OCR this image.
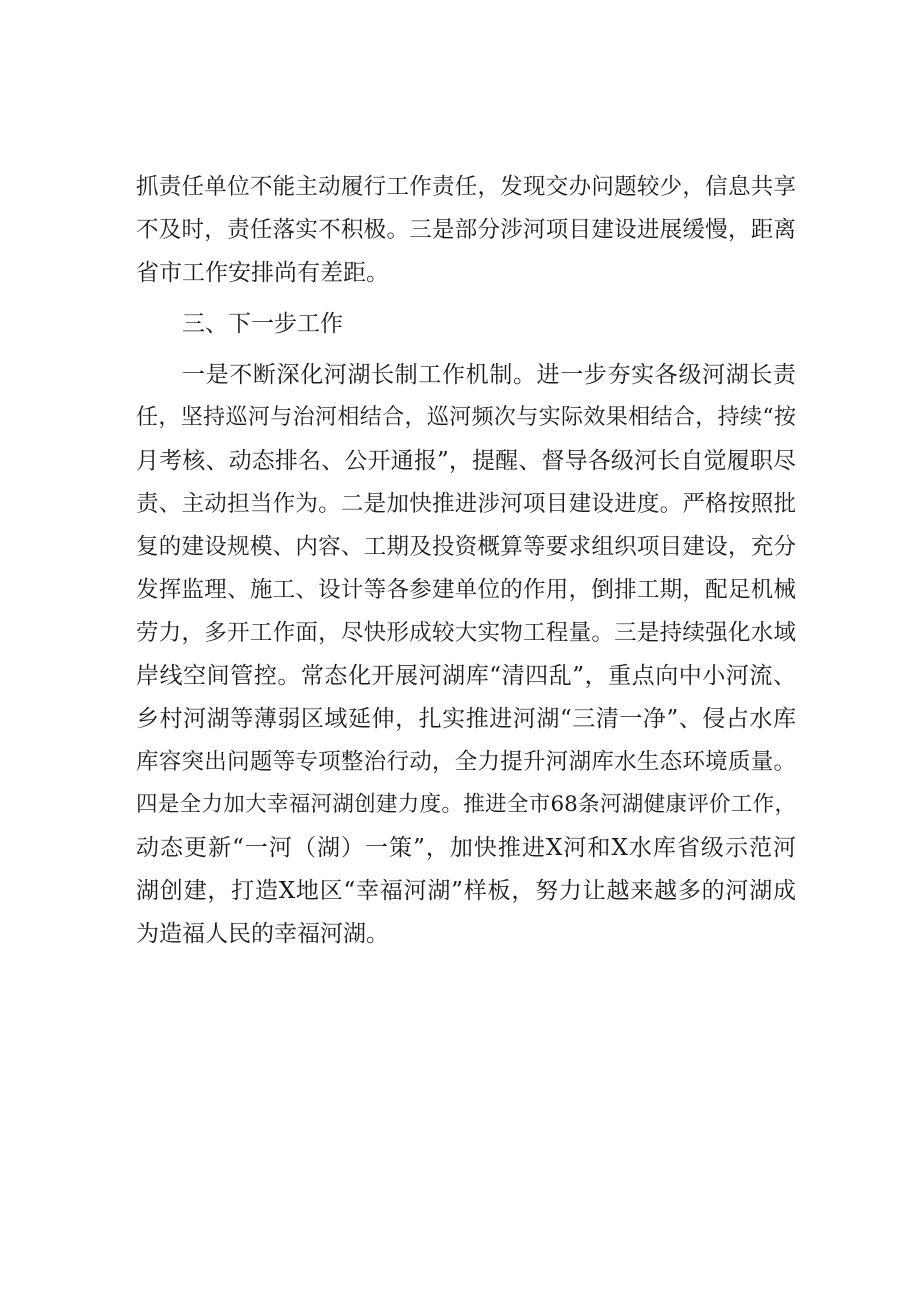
抓责任单位不能主动履行工作责任，发现交办问题较少，信息共享
不及时，责任落实不积极。三是部分涉河项目建设进展缓慢，距离
省市工作安排尚有差距。
三、下一步工作
一是不断深化河湖长制工作机制。进一步夯实各级河湖长责
任，坚持巡河与治河相结合，巡河频次与实际效果相结合，持续“按
月考核、动态排名、公开通报”，提醒、督导各级河长自觉履职尽
责、主动担当作为。二是加快推进涉河项目建设进度。严格按照批
复的建设规模、内容、工期及投资概算等要求组织项目建设，充分
发挥监理、施工、设计等各参建单位的作用，倒排工期，配足机械
劳力，多开工作面，尽快形成较大实物工程量。三是持续强化水域
岸线空间管控。常态化开展河湖库“清四乱”，重点向中小河流、
乡村河湖等薄弱区域延伸，扎实推进河湖“三清一净”、侵占水库
库容突出问题等专项整治行动，全力提升河湖库水生态环境质量。
四是全力加大幸福河湖创建力度。推进全市68条河湖健康评价工作，
动态更新“一河（湖）一策”，加快推进X河和X水库省级示范河
湖创建，打造X地区“幸福河湖”样板，努力让越来越多的河湖成
为造福人民的幸福河湖。
